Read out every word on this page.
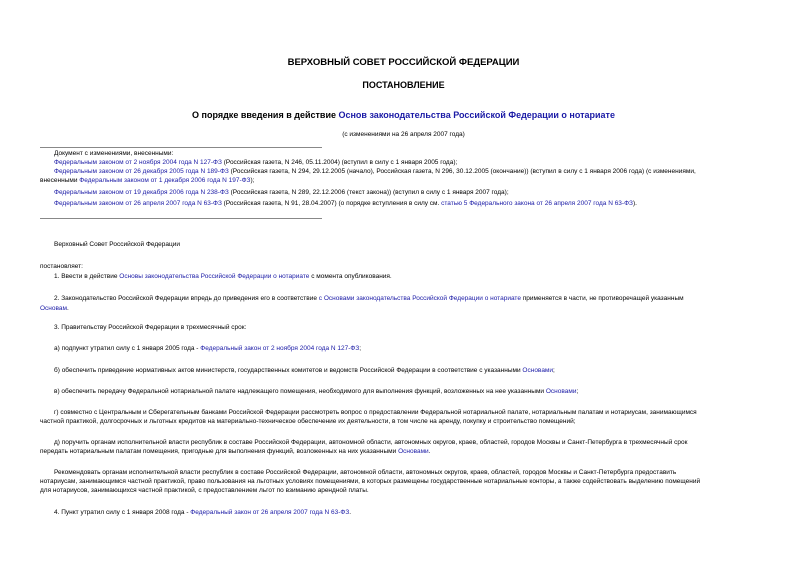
ВЕРХОВНЫЙ СОВЕТ РОССИЙСКОЙ ФЕДЕРАЦИИ
ПОСТАНОВЛЕНИЕ
О порядке введения в действие Основ законодательства Российской Федерации о нотариате
(с изменениями на 26 апреля 2007 года)
Документ с изменениями, внесенными:
Федеральным законом от 2 ноября 2004 года N 127-ФЗ (Российская газета, N 246, 05.11.2004) (вступил в силу с 1 января 2005 года);
Федеральным законом от 26 декабря 2005 года N 189-ФЗ (Российская газета, N 294, 29.12.2005 (начало), Российская газета, N 296, 30.12.2005 (окончание)) (вступил в силу с 1 января 2006 года) (с изменениями,
внесенными Федеральным законом от 1 декабря 2006 года N 197-ФЗ);
Федеральным законом от 19 декабря 2006 года N 238-ФЗ (Российская газета, N 289, 22.12.2006 (текст закона)) (вступил в силу с 1 января 2007 года);
Федеральным законом от 26 апреля 2007 года N 63-ФЗ (Российская газета, N 91, 28.04.2007) (о порядке вступления в силу см. статью 5 Федерального закона от 26 апреля 2007 года N 63-ФЗ).
Верховный Совет Российской Федерации
постановляет:
1. Ввести в действие Основы законодательства Российской Федерации о нотариате с момента опубликования.
2. Законодательство Российской Федерации впредь до приведения его в соответствие с Основами законодательства Российской Федерации о нотариате применяется в части, не противоречащей указанным
Основам.
3. Правительству Российской Федерации в трехмесячный срок:
а) подпункт утратил силу с 1 января 2005 года - Федеральный закон от 2 ноября 2004 года N 127-ФЗ;
б) обеспечить приведение нормативных актов министерств, государственных комитетов и ведомств Российской Федерации в соответствие с указанными Основами;
в) обеспечить передачу Федеральной нотариальной палате надлежащего помещения, необходимого для выполнения функций, возложенных на нее указанными Основами;
г) совместно с Центральным и Сберегательным банками Российской Федерации рассмотреть вопрос о предоставлении Федеральной нотариальной палате, нотариальным палатам и нотариусам, занимающимся
частной практикой, долгосрочных и льготных кредитов на материально-техническое обеспечение их деятельности, в том числе на аренду, покупку и строительство помещений;
д) поручить органам исполнительной власти республик в составе Российской Федерации, автономной области, автономных округов, краев, областей, городов Москвы и Санкт-Петербурга в трехмесячный срок
передать нотариальным палатам помещения, пригодные для выполнения функций, возложенных на них указанными Основами.
Рекомендовать органам исполнительной власти республик в составе Российской Федерации, автономной области, автономных округов, краев, областей, городов Москвы и Санкт-Петербурга предоставить
нотариусам, занимающимся частной практикой, право пользования на льготных условиях помещениями, в которых размещены государственные нотариальные конторы, а также содействовать выделению помещений
для нотариусов, занимающихся частной практикой, с предоставлением льгот по взиманию арендной платы.
4. Пункт утратил силу с 1 января 2008 года - Федеральный закон от 26 апреля 2007 года N 63-ФЗ.
